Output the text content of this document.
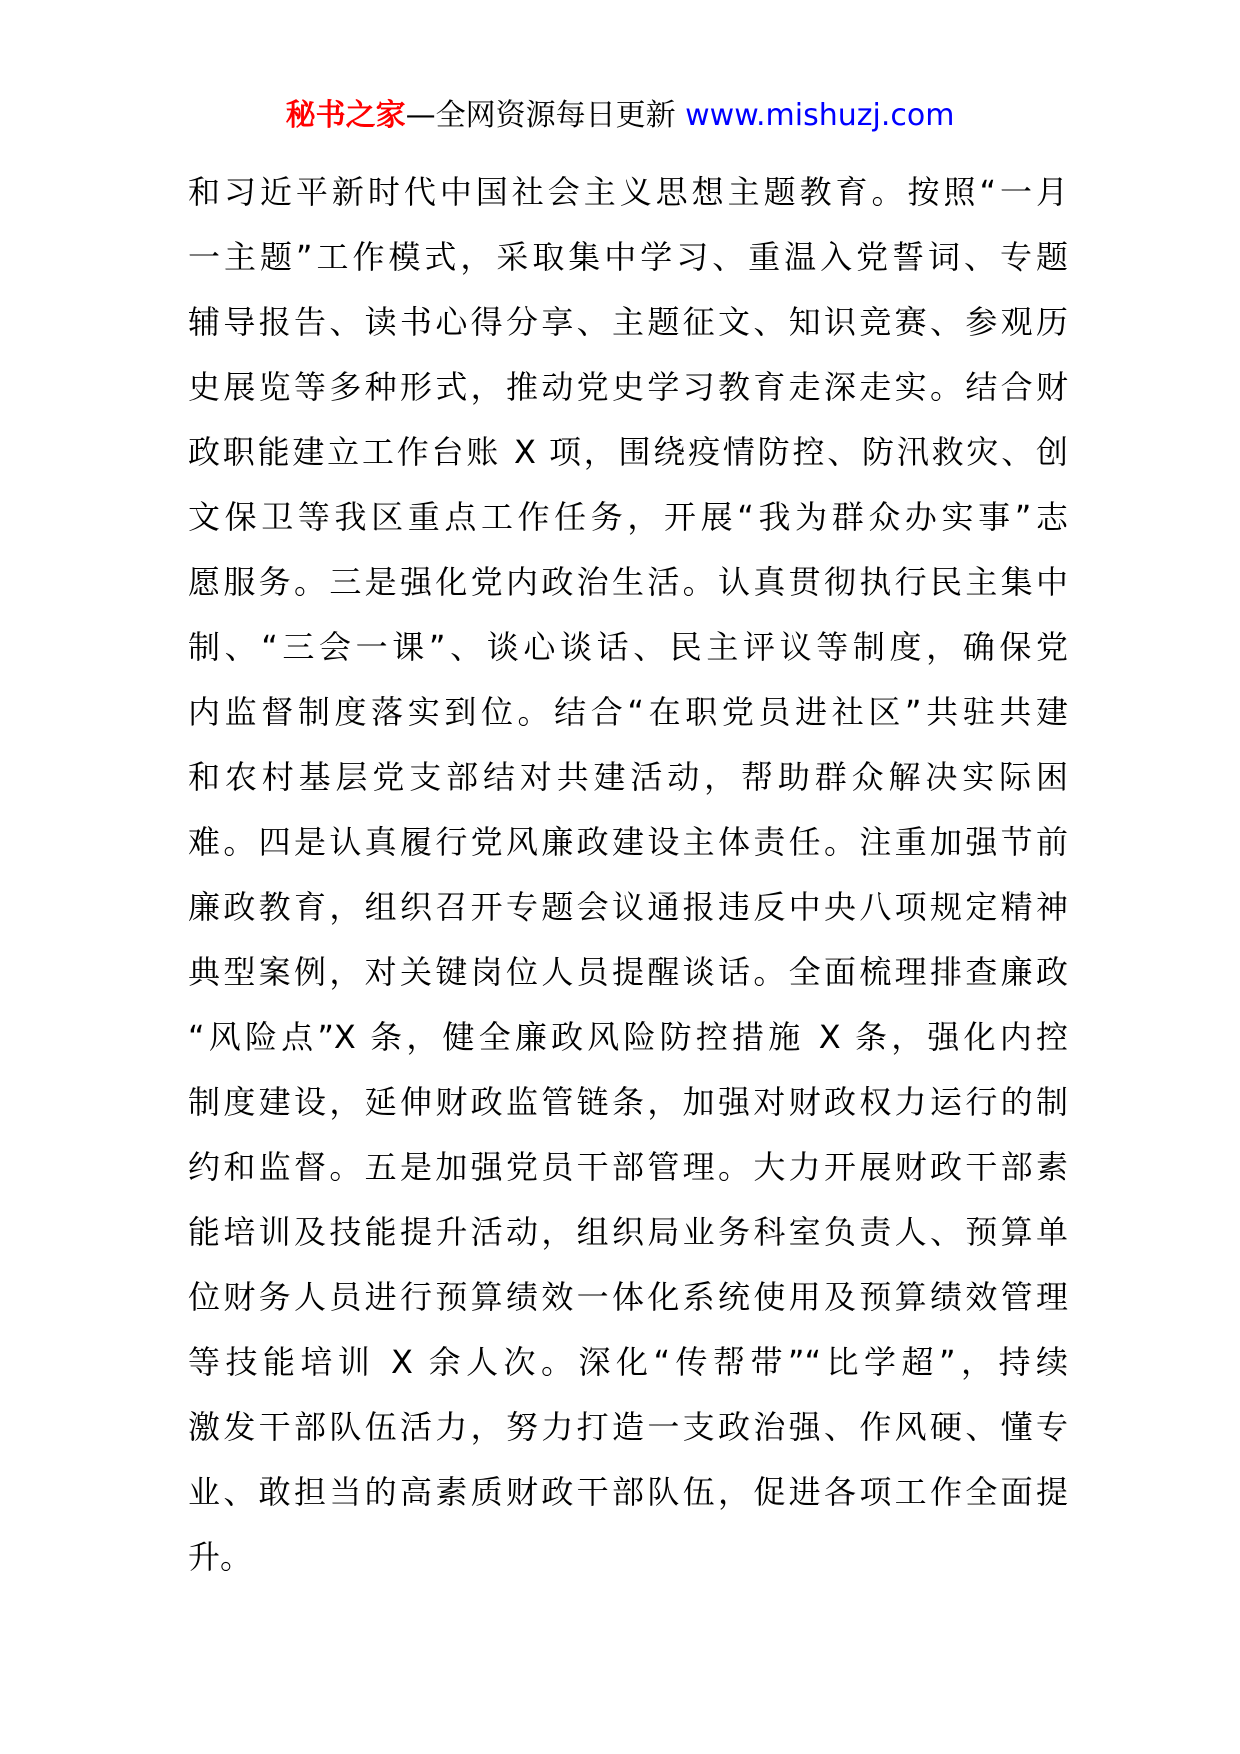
秘书之家—全网资源每日更新 www.mishuzj.com
和习近平新时代中国社会主义思想主题教育。按照“一月
一主题”工作模式，采取集中学习、重温入党誓词、专题
辅导报告、读书心得分享、主题征文、知识竞赛、参观历
史展览等多种形式，推动党史学习教育走深走实。结合财
政职能建立工作台账 X 项，围绕疫情防控、防汛救灾、创
文保卫等我区重点工作任务，开展“我为群众办实事”志
愿服务。三是强化党内政治生活。认真贯彻执行民主集中
制、“三会一课”、谈心谈话、民主评议等制度，确保党
内监督制度落实到位。结合“在职党员进社区”共驻共建
和农村基层党支部结对共建活动，帮助群众解决实际困
难。四是认真履行党风廉政建设主体责任。注重加强节前
廉政教育，组织召开专题会议通报违反中央八项规定精神
典型案例，对关键岗位人员提醒谈话。全面梳理排查廉政
“风险点”X 条，健全廉政风险防控措施 X 条，强化内控
制度建设，延伸财政监管链条，加强对财政权力运行的制
约和监督。五是加强党员干部管理。大力开展财政干部素
能培训及技能提升活动，组织局业务科室负责人、预算单
位财务人员进行预算绩效一体化系统使用及预算绩效管理
等技能培训 X 余人次。深化“传帮带”“比学超”，持续
激发干部队伍活力，努力打造一支政治强、作风硬、懂专
业、敢担当的高素质财政干部队伍，促进各项工作全面提
升。
